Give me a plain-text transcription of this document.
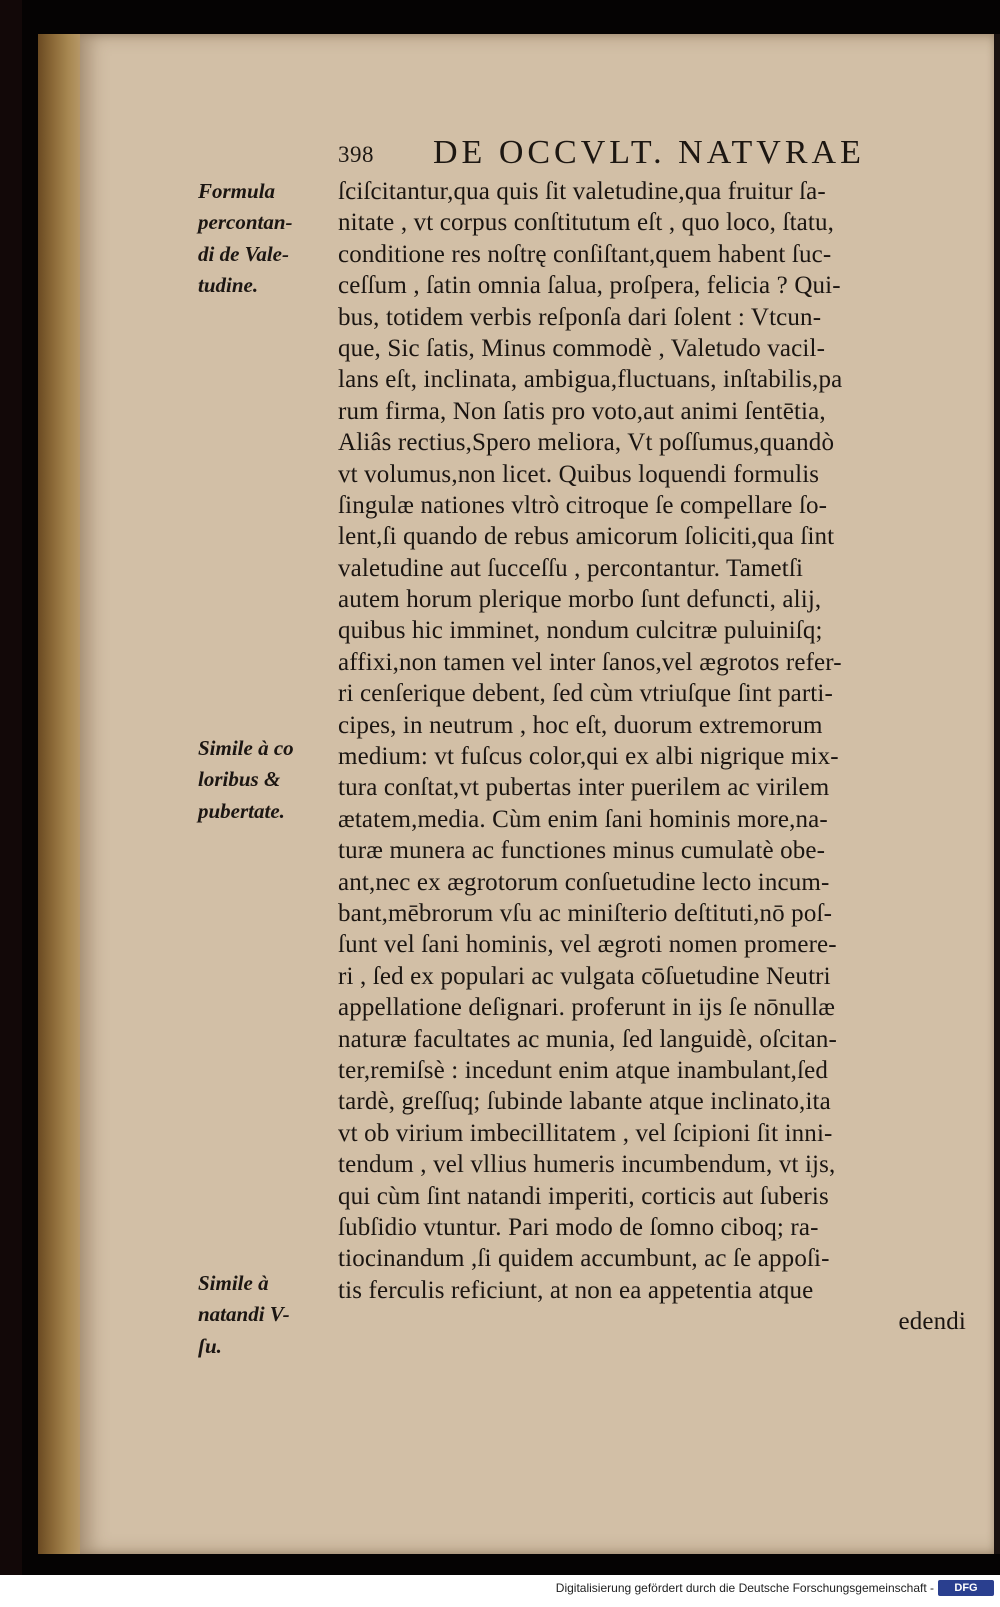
398 DE OCCVLT. NATVRAE
ſciſcitantur,qua quis ſit valetudine,qua fruitur ſa-
nitate , vt corpus conſtitutum eſt , quo loco, ſtatu,
conditione res noſtrę conſiſtant,quem habent ſuc-
ceſſum , ſatin omnia ſalua, proſpera, felicia ? Qui-
bus, totidem verbis reſponſa dari ſolent : Vtcun-
que, Sic ſatis, Minus commodè , Valetudo vacil-
lans eſt, inclinata, ambigua,fluctuans, inſtabilis,pa
rum firma, Non ſatis pro voto,aut animi ſentētia,
Aliâs rectius,Spero meliora, Vt poſſumus,quandò
vt volumus,non licet. Quibus loquendi formulis
ſingulæ nationes vltrò citroque ſe compellare ſo-
lent,ſi quando de rebus amicorum ſoliciti,qua ſint
valetudine aut ſucceſſu , percontantur. Tametſi
autem horum plerique morbo ſunt defuncti, alij,
quibus hic imminet, nondum culcitræ puluiniſq;
affixi,non tamen vel inter ſanos,vel ægrotos refer-
ri cenſerique debent, ſed cùm vtriuſque ſint parti-
cipes, in neutrum , hoc eſt, duorum extremorum
medium: vt fuſcus color,qui ex albi nigrique mix-
tura conſtat,vt pubertas inter puerilem ac virilem
ætatem,media. Cùm enim ſani hominis more,na-
turæ munera ac functiones minus cumulatè obe-
ant,nec ex ægrotorum conſuetudine lecto incum-
bant,mēbrorum vſu ac miniſterio deſtituti,nō poſ-
ſunt vel ſani hominis, vel ægroti nomen promere-
ri , ſed ex populari ac vulgata cōſuetudine Neutri
appellatione deſignari. proferunt in ijs ſe nōnullæ
naturæ facultates ac munia, ſed languidè, oſcitan-
ter,remiſsè : incedunt enim atque inambulant,ſed
tardè, greſſuq; ſubinde labante atque inclinato,ita
vt ob virium imbecillitatem , vel ſcipioni ſit inni-
tendum , vel vllius humeris incumbendum, vt ijs,
qui cùm ſint natandi imperiti, corticis aut ſuberis
ſubſidio vtuntur. Pari modo de ſomno ciboq; ra-
tiocinandum ,ſi quidem accumbunt, ac ſe appoſi-
tis ferculis reficiunt, at non ea appetentia atque
edendi
Formula
percontan-
di de Vale-
tudine.
Simile à co
loribus &
pubertate.
Simile à
natandi V-
ſu.
Digitalisierung gefördert durch die Deutsche Forschungsgemeinschaft -	DFG
